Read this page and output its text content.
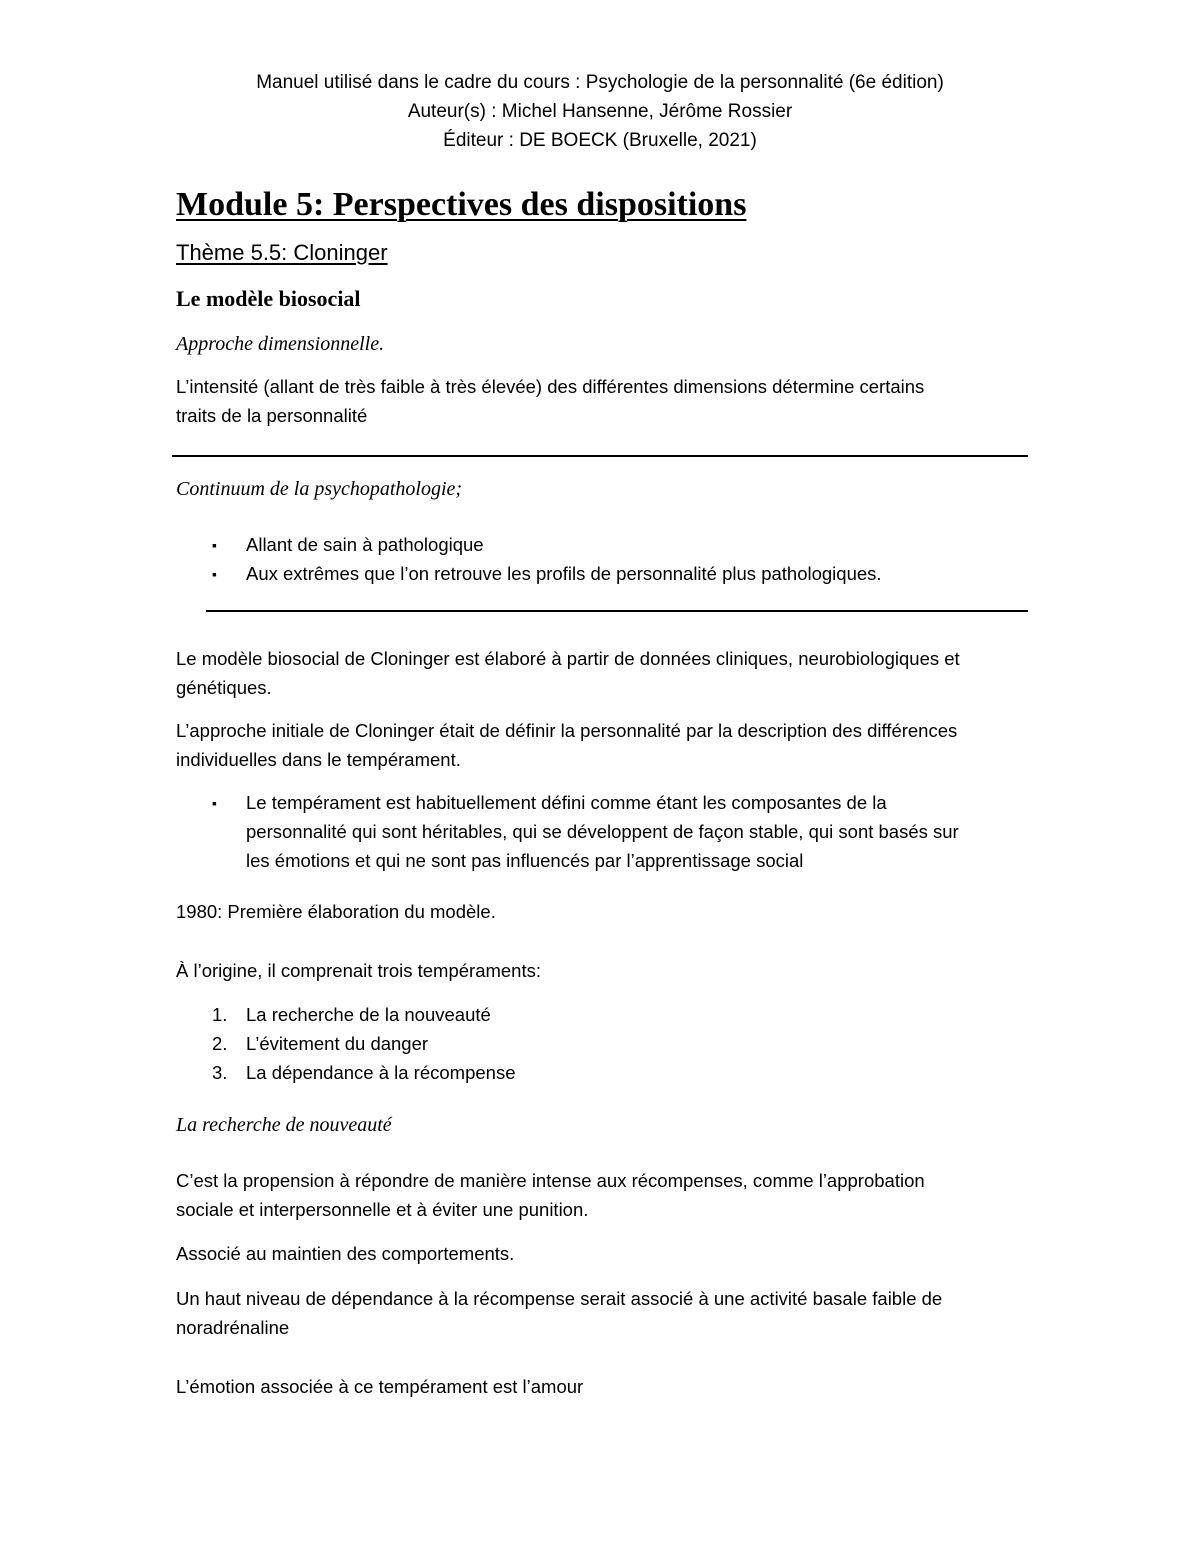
Manuel utilisé dans le cadre du cours : Psychologie de la personnalité (6e édition)
Auteur(s) : Michel Hansenne, Jérôme Rossier
Éditeur : DE BOECK (Bruxelle, 2021)
Module 5: Perspectives des dispositions
Thème 5.5: Cloninger
Le modèle biosocial
Approche dimensionnelle.
L’intensité (allant de très faible à très élevée) des différentes dimensions détermine certains
traits de la personnalité
Continuum de la psychopathologie;
▪ Allant de sain à pathologique
▪ Aux extrêmes que l’on retrouve les profils de personnalité plus pathologiques.
Le modèle biosocial de Cloninger est élaboré à partir de données cliniques, neurobiologiques et
génétiques.
L’approche initiale de Cloninger était de définir la personnalité par la description des différences
individuelles dans le tempérament.
▪ Le tempérament est habituellement défini comme étant les composantes de la
personnalité qui sont héritables, qui se développent de façon stable, qui sont basés sur
les émotions et qui ne sont pas influencés par l’apprentissage social
1980: Première élaboration du modèle.
À l’origine, il comprenait trois tempéraments:
1. La recherche de la nouveauté
2. L’évitement du danger
3. La dépendance à la récompense
La recherche de nouveauté
C’est la propension à répondre de manière intense aux récompenses, comme l’approbation
sociale et interpersonnelle et à éviter une punition.
Associé au maintien des comportements.
Un haut niveau de dépendance à la récompense serait associé à une activité basale faible de
noradrénaline
L’émotion associée à ce tempérament est l’amour
